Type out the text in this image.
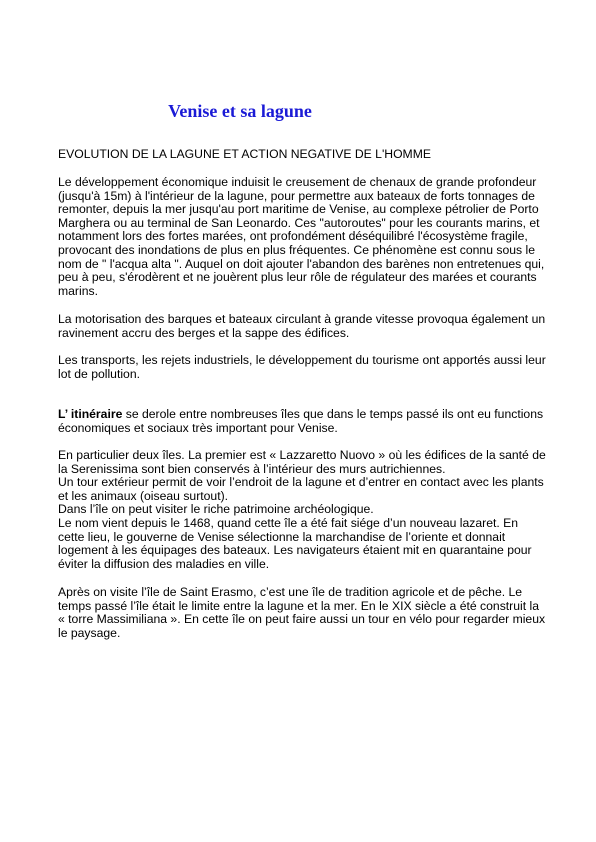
Venise et sa lagune

EVOLUTION DE LA LAGUNE ET ACTION NEGATIVE DE L'HOMME

Le développement économique induisit le creusement de chenaux de grande profondeur

(jusqu'à 15m) à l'intérieur de la lagune, pour permettre aux bateaux de forts tonnages de

remonter, depuis la mer jusqu'au port maritime de Venise, au complexe pétrolier de Porto

Marghera ou au terminal de San Leonardo. Ces "autoroutes" pour les courants marins, et

notamment lors des fortes marées, ont profondément déséquilibré l'écosystème fragile,

provocant des inondations de plus en plus fréquentes. Ce phénomène est connu sous le

nom de " l'acqua alta ". Auquel on doit ajouter l'abandon des barènes non entretenues qui,

peu à peu, s'érodèrent et ne jouèrent plus leur rôle de régulateur des marées et courants

marins.

La motorisation des barques et bateaux circulant à grande vitesse provoqua également un

ravinement accru des berges et la sappe des édifices.

Les transports, les rejets industriels, le développement du tourisme ont apportés aussi leur

lot de pollution.

L’ itinéraire se derole entre nombreuses îles que dans le temps passé ils ont eu functions

économiques et sociaux très important pour Venise.

En particulier deux îles. La premier est « Lazzaretto Nuovo » où les édifices de la santé de

la Serenissima sont bien conservés à l’intérieur des murs autrichiennes.

Un tour extérieur permit de voir l’endroit de la lagune et d’entrer en contact avec les plants

et les animaux (oiseau surtout).

Dans l’île on peut visiter le riche patrimoine archéologique.

Le nom vient depuis le 1468, quand cette île a été fait siége d’un nouveau lazaret. En

cette lieu, le gouverne de Venise sélectionne la marchandise de l’oriente et donnait

logement à les équipages des bateaux. Les navigateurs étaient mit en quarantaine pour

éviter la diffusion des maladies en ville.

Après on visite l’île de Saint Erasmo, c’est une île de tradition agricole et de pêche. Le

temps passé l’île était le limite entre la lagune et la mer. En le XIX siècle a été construit la

« torre Massimiliana ». En cette île on peut faire aussi un tour en vélo pour regarder mieux

le paysage.
